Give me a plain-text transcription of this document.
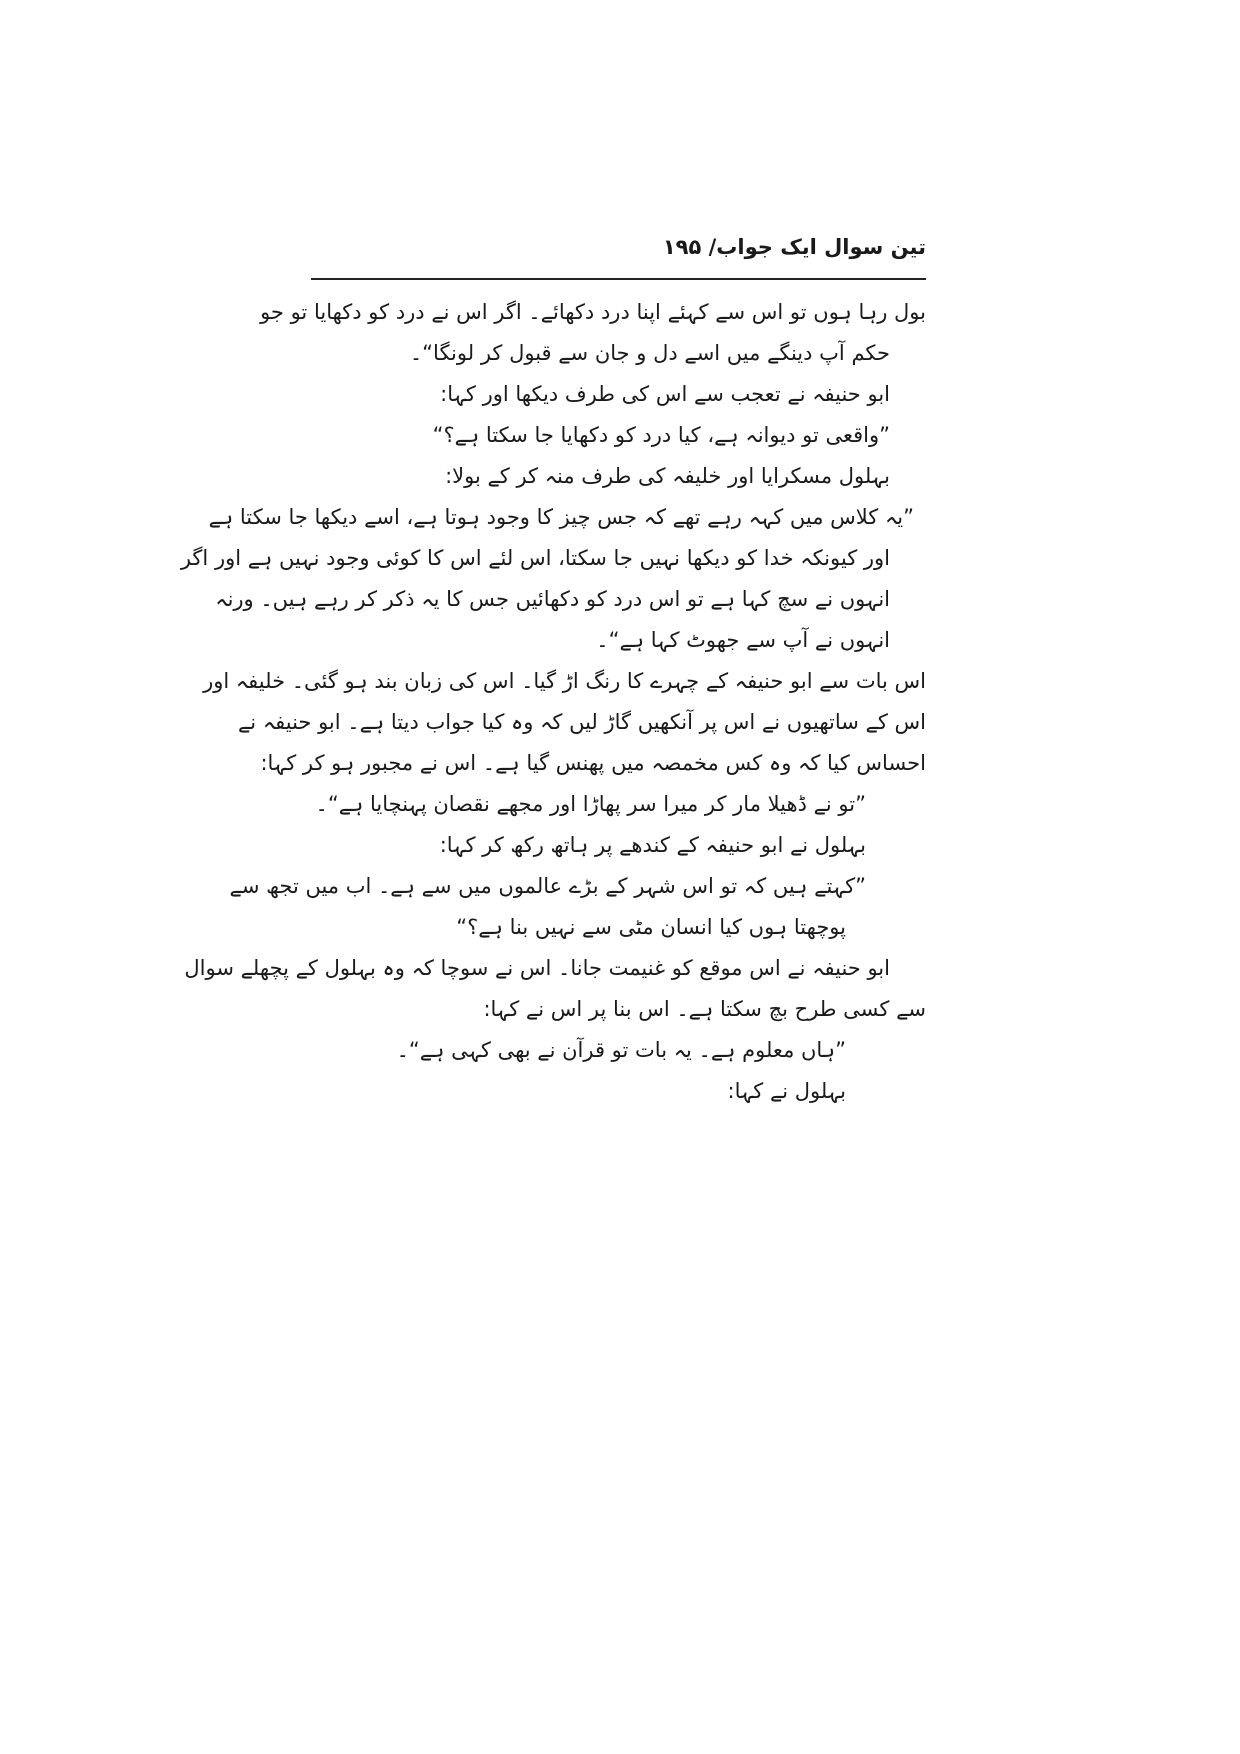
تین سوال ایک جواب/ ۱۹۵
بول رہا ہوں تو اس سے کہئے اپنا درد دکھائے۔ اگر اس نے درد کو دکھایا تو جو
حکم آپ دینگے میں اسے دل و جان سے قبول کر لونگا“۔
ابو حنیفہ نے تعجب سے اس کی طرف دیکھا اور کہا:
”واقعی تو دیوانہ ہے، کیا درد کو دکھایا جا سکتا ہے؟“
بہلول مسکرایا اور خلیفہ کی طرف منہ کر کے بولا:
”یہ کلاس میں کہہ رہے تھے کہ جس چیز کا وجود ہوتا ہے، اسے دیکھا جا سکتا ہے
اور کیونکہ خدا کو دیکھا نہیں جا سکتا، اس لئے اس کا کوئی وجود نہیں ہے اور اگر
انہوں نے سچ کہا ہے تو اس درد کو دکھائیں جس کا یہ ذکر کر رہے ہیں۔ ورنہ
انہوں نے آپ سے جھوٹ کہا ہے“۔
اس بات سے ابو حنیفہ کے چہرے کا رنگ اڑ گیا۔ اس کی زبان بند ہو گئی۔ خلیفہ اور
اس کے ساتھیوں نے اس پر آنکھیں گاڑ لیں کہ وہ کیا جواب دیتا ہے۔ ابو حنیفہ نے
احساس کیا کہ وہ کس مخمصہ میں پھنس گیا ہے۔ اس نے مجبور ہو کر کہا:
”تو نے ڈھیلا مار کر میرا سر پھاڑا اور مجھے نقصان پہنچایا ہے“۔
بہلول نے ابو حنیفہ کے کندھے پر ہاتھ رکھ کر کہا:
”کہتے ہیں کہ تو اس شہر کے بڑے عالموں میں سے ہے۔ اب میں تجھ سے
پوچھتا ہوں کیا انسان مٹی سے نہیں بنا ہے؟“
ابو حنیفہ نے اس موقع کو غنیمت جانا۔ اس نے سوچا کہ وہ بہلول کے پچھلے سوال
سے کسی طرح بچ سکتا ہے۔ اس بنا پر اس نے کہا:
”ہاں معلوم ہے۔ یہ بات تو قرآن نے بھی کہی ہے“۔
بہلول نے کہا:
